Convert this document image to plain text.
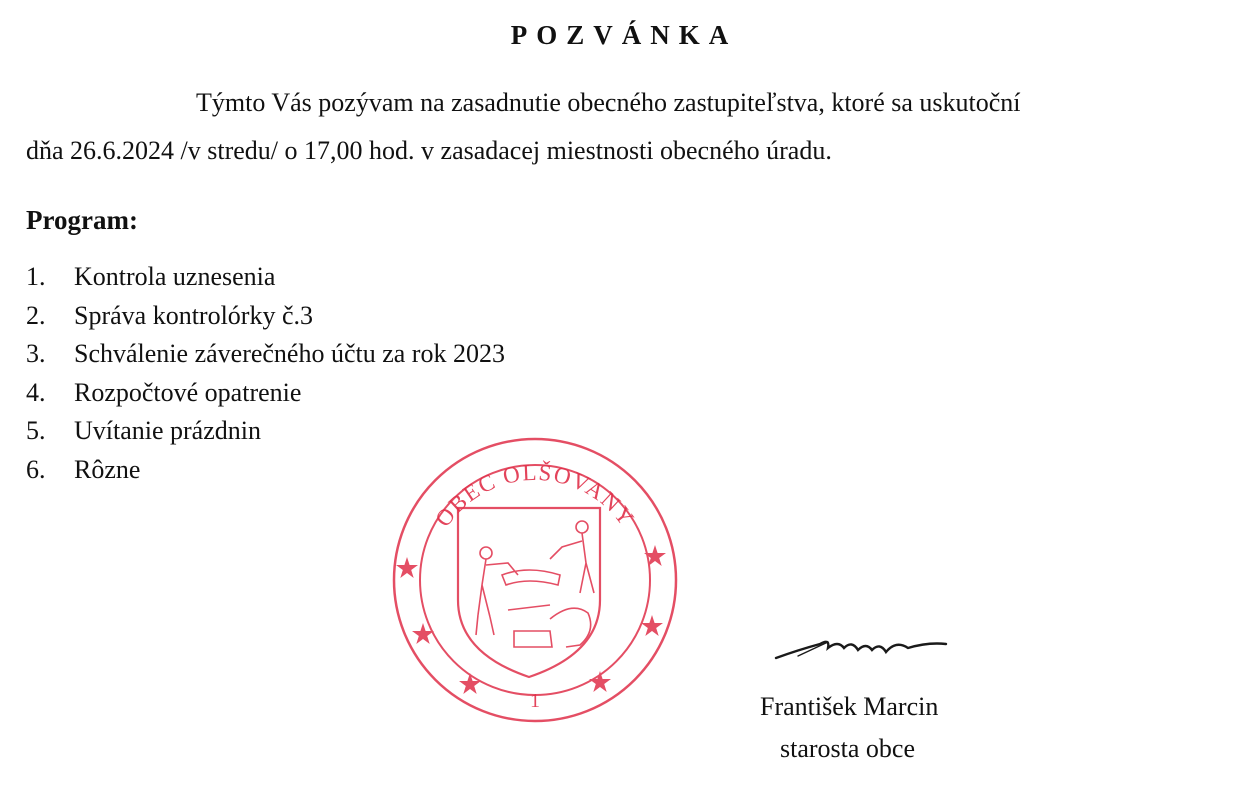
POZVÁNKA
Týmto Vás pozývam na zasadnutie obecného zastupiteľstva, ktoré sa uskutoční
dňa 26.6.2024 /v stredu/ o 17,00 hod. v zasadacej miestnosti obecného úradu.
Program:
1. Kontrola uznesenia
2. Správa kontrolórky č.3
3. Schválenie záverečného účtu za rok 2023
4. Rozpočtové opatrenie
5. Uvítanie prázdnin
6. Rôzne
OBEC OLŠOVANY
1	František Marcin
starosta obce
